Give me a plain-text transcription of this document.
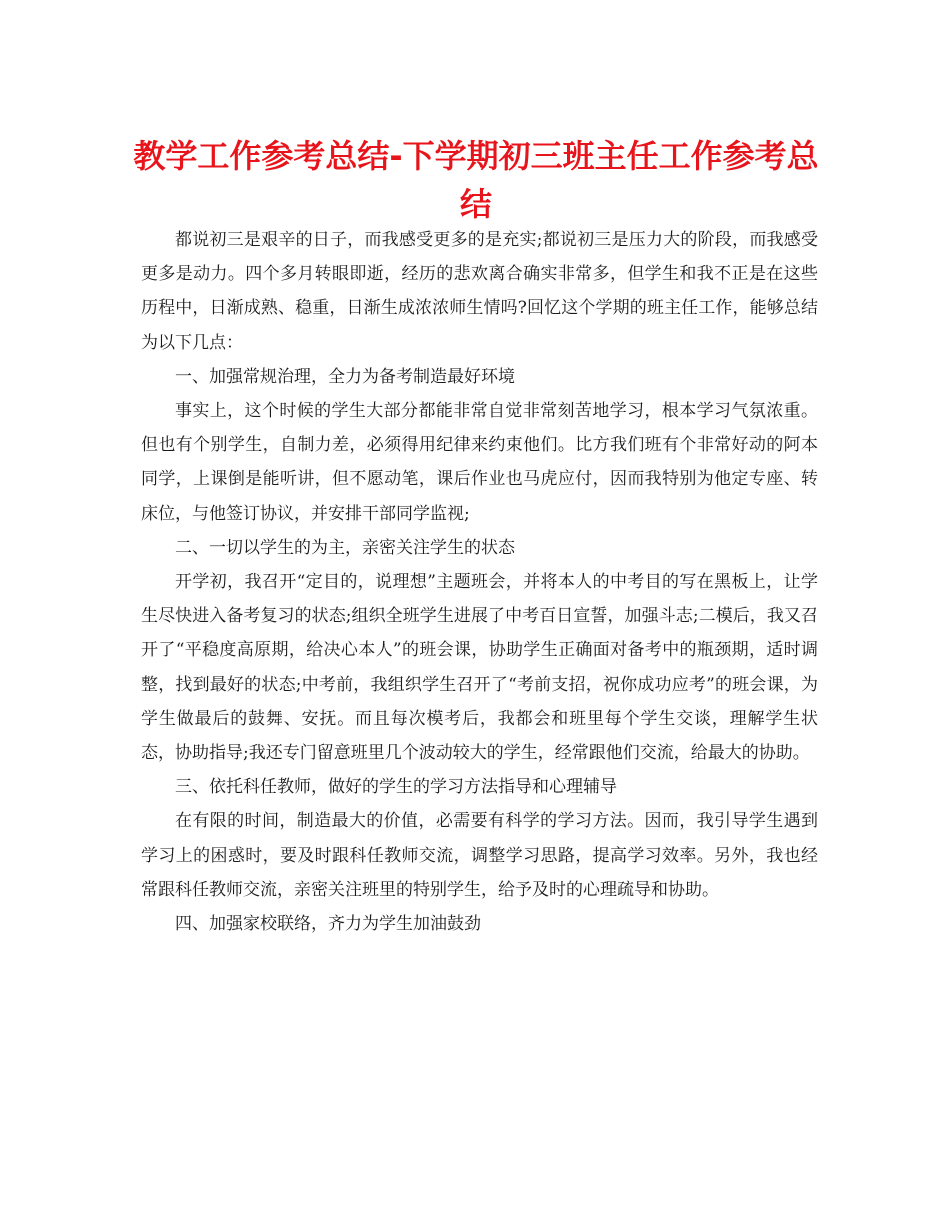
教学工作参考总结-下学期初三班主任工作参考总结

都说初三是艰辛的日子，而我感受更多的是充实;都说初三是压力大的阶段，而我感受更多是动力。四个多月转眼即逝，经历的悲欢离合确实非常多，但学生和我不正是在这些历程中，日渐成熟、稳重，日渐生成浓浓师生情吗?回忆这个学期的班主任工作，能够总结为以下几点：

一、加强常规治理，全力为备考制造最好环境

事实上，这个时候的学生大部分都能非常自觉非常刻苦地学习，根本学习气氛浓重。但也有个别学生，自制力差，必须得用纪律来约束他们。比方我们班有个非常好动的阿本同学，上课倒是能听讲，但不愿动笔，课后作业也马虎应付，因而我特别为他定专座、转床位，与他签订协议，并安排干部同学监视;

二、一切以学生的为主，亲密关注学生的状态

开学初，我召开“定目的，说理想”主题班会，并将本人的中考目的写在黑板上，让学生尽快进入备考复习的状态;组织全班学生进展了中考百日宣誓，加强斗志;二模后，我又召开了“平稳度高原期，给决心本人”的班会课，协助学生正确面对备考中的瓶颈期，适时调整，找到最好的状态;中考前，我组织学生召开了“考前支招，祝你成功应考”的班会课，为学生做最后的鼓舞、安抚。而且每次模考后，我都会和班里每个学生交谈，理解学生状态，协助指导;我还专门留意班里几个波动较大的学生，经常跟他们交流，给最大的协助。

三、依托科任教师，做好的学生的学习方法指导和心理辅导

在有限的时间，制造最大的价值，必需要有科学的学习方法。因而，我引导学生遇到学习上的困惑时，要及时跟科任教师交流，调整学习思路，提高学习效率。另外，我也经常跟科任教师交流，亲密关注班里的特别学生，给予及时的心理疏导和协助。

四、加强家校联络，齐力为学生加油鼓劲
